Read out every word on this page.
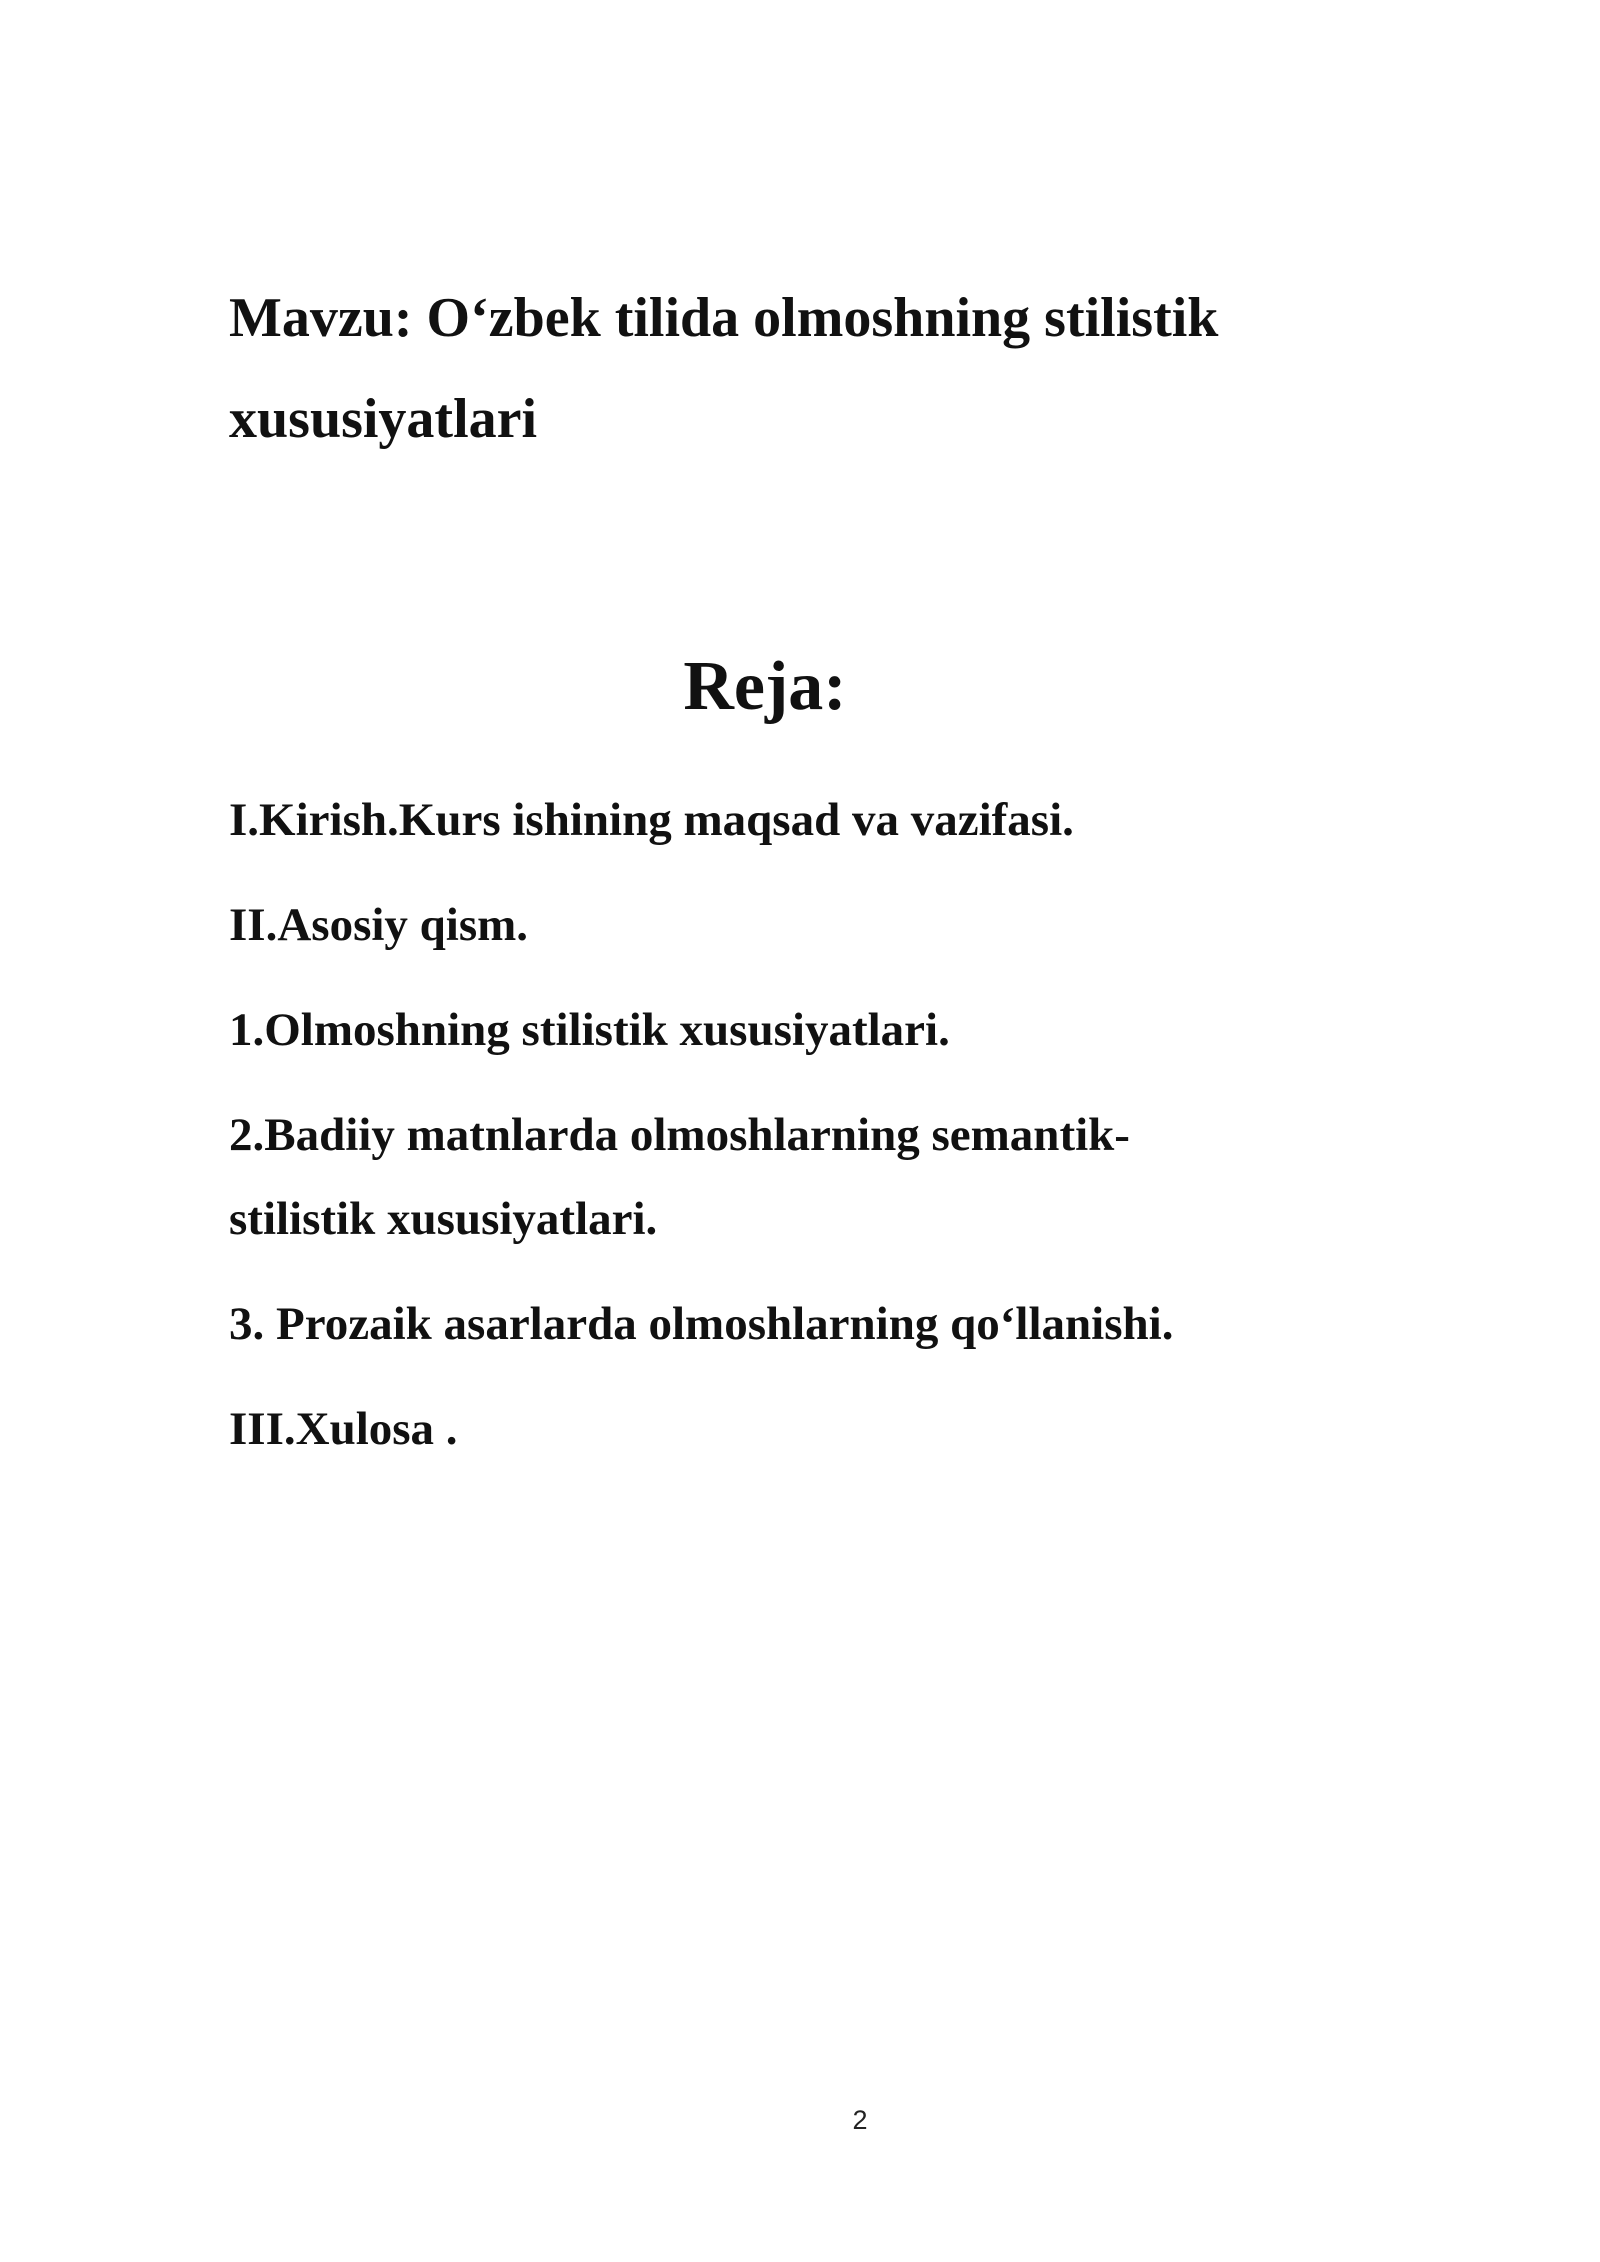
Mavzu: O‘zbek tilida olmoshning stilistik xususiyatlari
Reja:
I.Kirish.Kurs ishining maqsad va vazifasi.
II.Asosiy qism.
1.Olmoshning stilistik xususiyatlari.
2.Badiiy matnlarda olmoshlarning semantik-stilistik xususiyatlari.
3. Prozaik asarlarda olmoshlarning qo‘llanishi.
III.Xulosa .
2
